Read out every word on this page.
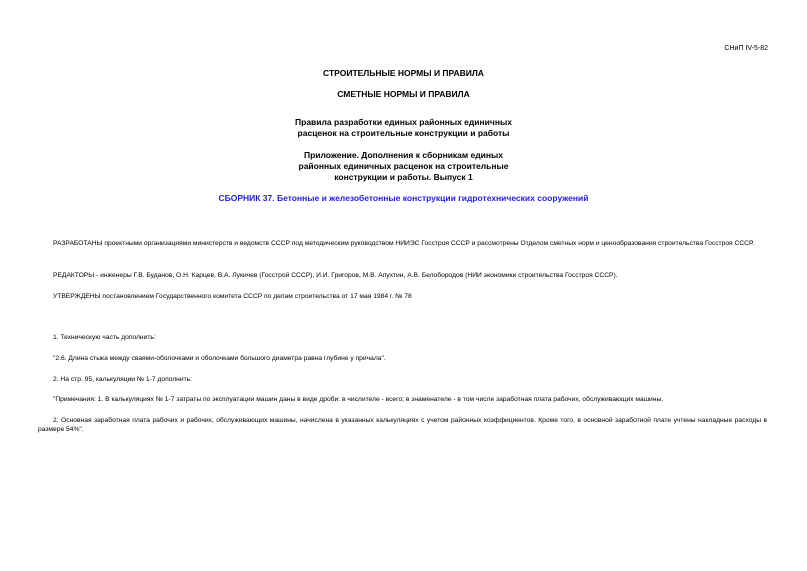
СНиП IV-5-82
СТРОИТЕЛЬНЫЕ НОРМЫ И ПРАВИЛА
СМЕТНЫЕ НОРМЫ И ПРАВИЛА
Правила разработки единых районных единичных
расценок на строительные конструкции и работы
Приложение. Дополнения к сборникам единых
районных единичных расценок на строительные
конструкции и работы. Выпуск 1
СБОРНИК 37. Бетонные и железобетонные конструкции гидротехнических сооружений

РАЗРАБОТАНЫ проектными организациями министерств и ведомств СССР под методическим руководством НИИЭС Госстроя СССР и рассмотрены Отделом сметных норм и ценообразования строительства Госстроя СССР.

РЕДАКТОРЫ - инженеры Г.В. Буданов, О.Н. Карцев, В.А. Лукичев (Госстрой СССР), И.И. Григоров, М.В. Апухтин, А.В. Белобородов (НИИ экономики строительства Госстроя СССР).

УТВЕРЖДЕНЫ постановлением Государственного комитета СССР по делам строительства от 17 мая 1984 г. № 78

1. Техническую часть дополнить:

"2.6. Длина стыка между сваями-оболочками и оболочками большого диаметра равна глубине у причала".

2. На стр. 95, калькуляции № 1-7 дополнить:

"Примечания: 1. В калькуляциях № 1-7 затраты по эксплуатации машин даны в виде дроби: в числителе - всего; в знаменателе - в том числе заработная плата рабочих, обслуживающих машины.

2. Основная заработная плата рабочих и рабочих, обслуживающих машины, начислена в указанных калькуляциях с учетом районных коэффициентов. Кроме того, в основной заработной плате учтены накладные расходы в размере 54%".
